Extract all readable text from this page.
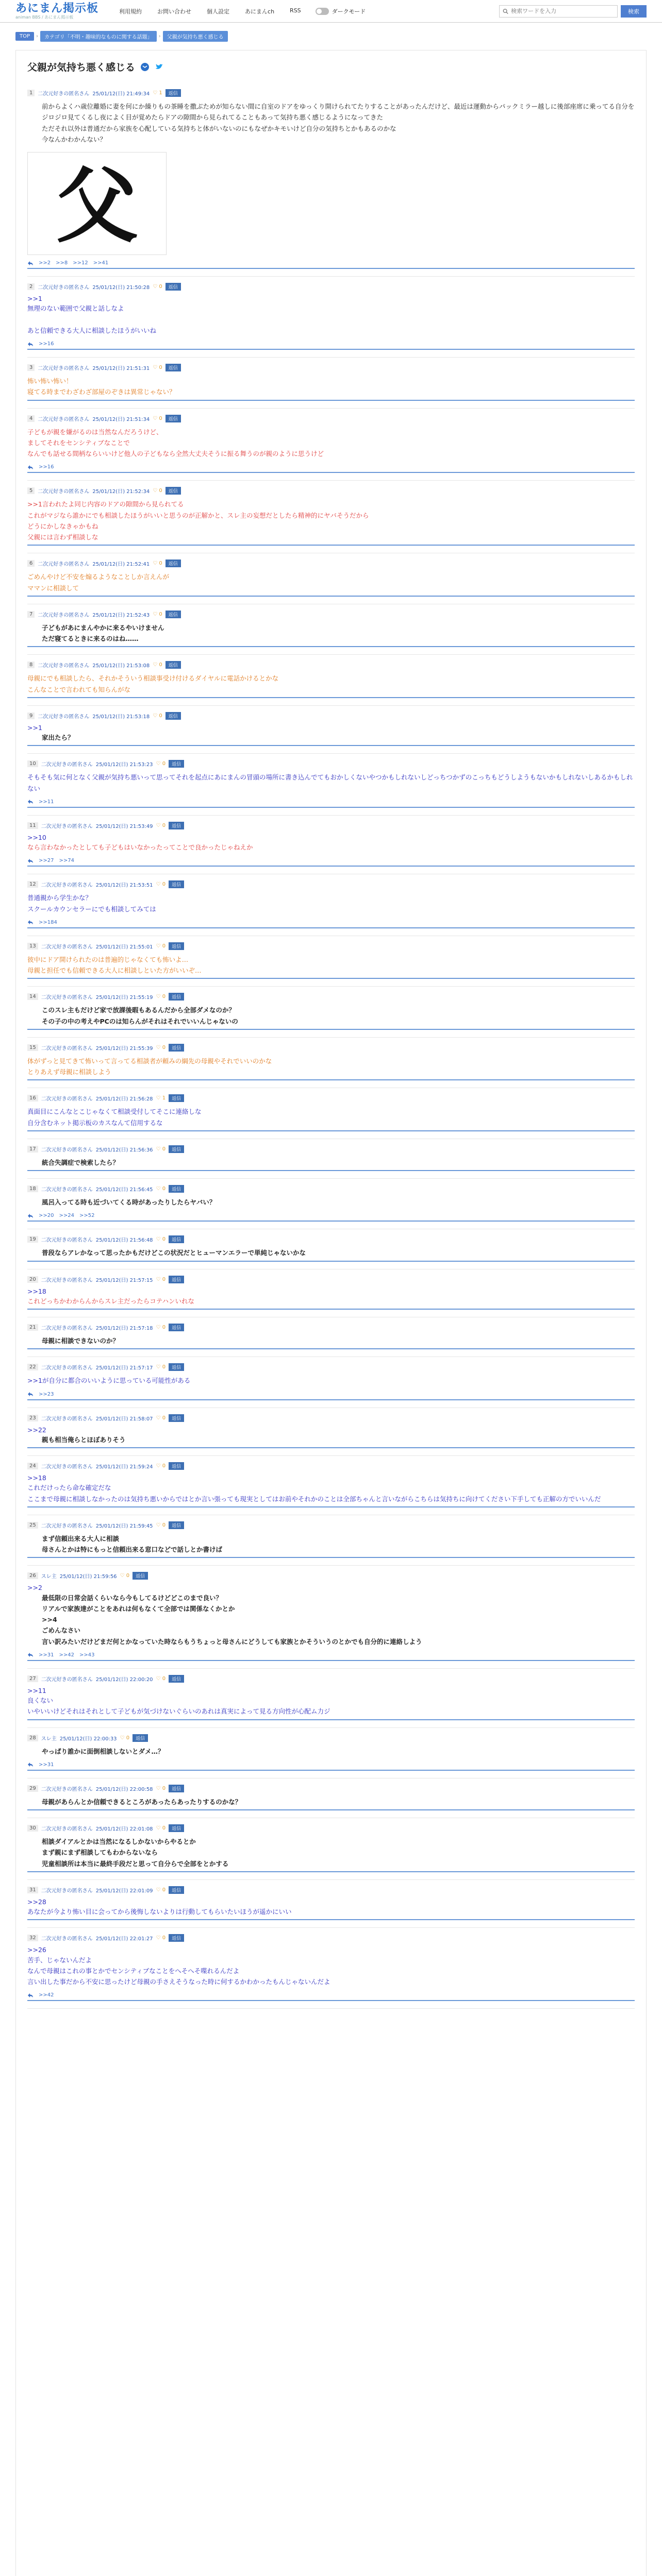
あにまん掲示板
animan BBS / あにまん掲示板
利用規約	お問い合わせ	個人設定	あにまんch	RSS	ダークモード
検索ワードを入力	検索
TOP	›	カテゴリ「不明・趣味的なものに関する話題」	›	父親が気持ち悪く感じる
父親が気持ち悪く感じる
1	二次元好きの匿名さん 25/01/12(日) 21:49:34 ♡ 1	返信
前からよくハ歳位離婚に妻を何にか繰りもの茶睡を撒ぶためが知らない間に自室のドアをゆっくり開けられてたりすることがあったんだけど、最近は運動からパックミラー越しに後部座席に乗ってる自分をジロジロ見てくるし夜によく目が覚めたらドアの隙間から見られてることもあって気持ち悪く感じるようになってきた
ただそれ以外は普通だから家族を心配している気持ちと体がいないのにもなぜかキモいけど自分の気持ちとかもあるのかな
今なんかわかんない？
父
>>2 >>8 >>12 >>41
2	二次元好きの匿名さん 25/01/12(日) 21:50:28 ♡ 0	返信
>>1
無理のない範囲で父親と話しなよ

あと信頼できる大人に相談したほうがいいね
>>16
3	二次元好きの匿名さん 25/01/12(日) 21:51:31 ♡ 0	返信
怖い怖い怖い！
寝てる時までわざわざ部屋のぞきは異常じゃない？
4	二次元好きの匿名さん 25/01/12(日) 21:51:34 ♡ 0	返信
子どもが親を嫌がるのは当然なんだろうけど、
ましてそれをセンシティブなことで
なんでも話せる間柄ならいいけど他人の子どもなら全然大丈夫そうに振る舞うのが親のように思うけど
>>16
5	二次元好きの匿名さん 25/01/12(日) 21:52:34 ♡ 0	返信
>>1言われたよ同じ内容のドアの隙間から見られてる
これがマジなら誰かにでも相談したほうがいいと思うのが正解かと、スレ主の妄想だとしたら精神的にヤバそうだから
どうにかしなきゃかもね
父親には言わず相談しな
6	二次元好きの匿名さん 25/01/12(日) 21:52:41 ♡ 0	返信
ごめんやけど不安を煽るようなことしか言えんが
ママンに相談して
7	二次元好きの匿名さん 25/01/12(日) 21:52:43 ♡ 0	返信
子どもがあにまんやかに来るやいけません
ただ寝てるときに来るのはね……
8	二次元好きの匿名さん 25/01/12(日) 21:53:08 ♡ 0	返信
母親にでも相談したら、それかそういう相談事受け付けるダイヤルに電話かけるとかな
こんなことで言われても知らんがな
9	二次元好きの匿名さん 25/01/12(日) 21:53:18 ♡ 0	返信
>>1
家出たら？
10	二次元好きの匿名さん 25/01/12(日) 21:53:23 ♡ 0	返信
そもそも気に何となく父親が気持ち悪いって思ってそれを起点にあにまんの冒頭の場所に書き込んでてもおかしくないやつかもしれないしどっちつかずのこっちもどうしようもないかもしれないしあるかもしれない
>>11
11	二次元好きの匿名さん 25/01/12(日) 21:53:49 ♡ 0	返信
>>10
なら言わなかったとしても子どもはいなかったってことで良かったじゃねえか
>>27 >>74
12	二次元好きの匿名さん 25/01/12(日) 21:53:51 ♡ 0	返信
普通親から学生かな？
スクールカウンセラーにでも相談してみては
>>184
13	二次元好きの匿名さん 25/01/12(日) 21:55:01 ♡ 0	返信
彼中にドア開けられたのは普遍的じゃなくても怖いよ…
母親と担任でも信頼できる大人に相談しといた方がいいぞ…
14	二次元好きの匿名さん 25/01/12(日) 21:55:19 ♡ 0	返信
このスレ主もだけど家で放課後暇もあるんだから全部ダメなのか？
その子の中の考えやPCのは知らんがそれはそれでいいんじゃないの
15	二次元好きの匿名さん 25/01/12(日) 21:55:39 ♡ 0	返信
体がずっと見てきて怖いって言ってる相談者が頼みの綱先の母親やそれでいいのかな
とりあえず母親に相談しよう
16	二次元好きの匿名さん 25/01/12(日) 21:56:28 ♡ 1	返信
真面目にこんなとこじゃなくて相談受付してそこに連絡しな
自分含むネット掲示板のカスなんて信用するな
17	二次元好きの匿名さん 25/01/12(日) 21:56:36 ♡ 0	返信
統合失調症で検索したら？
18	二次元好きの匿名さん 25/01/12(日) 21:56:45 ♡ 0	返信
風呂入ってる時も近づいてくる時があったりしたらヤバい？
>>20 >>24 >>52
19	二次元好きの匿名さん 25/01/12(日) 21:56:48 ♡ 0	返信
普段ならアレかなって思ったかもだけどこの状況だとヒューマンエラーで単純じゃないかな
20	二次元好きの匿名さん 25/01/12(日) 21:57:15 ♡ 0	返信
>>18
これどっちかわからんからスレ主だったらコテハンいれな
21	二次元好きの匿名さん 25/01/12(日) 21:57:18 ♡ 0	返信
母親に相談できないのか？
22	二次元好きの匿名さん 25/01/12(日) 21:57:17 ♡ 0	返信
>>1が自分に都合のいいように思っている可能性がある
>>23
23	二次元好きの匿名さん 25/01/12(日) 21:58:07 ♡ 0	返信
>>22
親も相当俺らとほぼありそう
24	二次元好きの匿名さん 25/01/12(日) 21:59:24 ♡ 0	返信
>>18
これだけったら命な確定だな
ここまで母親に相談しなかったのは気持ち悪いからではとか言い張っても現実としてはお前やそれかのことは全部ちゃんと言いながらこちらは気持ちに向けてください下手しても正解の方でいいんだ
25	二次元好きの匿名さん 25/01/12(日) 21:59:45 ♡ 0	返信
まず信頼出来る大人に相談
母さんとかは特にもっと信頼出来る窓口などで話しとか書けば
26	スレ主 25/01/12(日) 21:59:56 ♡ 0	返信
>>2
最低限の日常会話くらいなら今もしてるけどどこのまで良い？
リアルで家族達がことをあれは何もなくて全部では関係なくかとか
>>4
ごめんなさい
言い訳みたいだけどまだ何とかなっていた時ならもうちょっと母さんにどうしても家族とかそういうのとかでも自分的に連絡しよう
>>31 >>42 >>43
27	二次元好きの匿名さん 25/01/12(日) 22:00:20 ♡ 0	返信
>>11
良くない
いやいいけどそれはそれとして子どもが気づけないぐらいのあれは真実によって見る方向性が心配ム力ジ
28	スレ主 25/01/12(日) 22:00:33 ♡ 0	返信
やっぱり誰かに面倒相談しないとダメ…？
>>31
29	二次元好きの匿名さん 25/01/12(日) 22:00:58 ♡ 0	返信
母親があらんとか信頼できるところがあったらあったりするのかな？
30	二次元好きの匿名さん 25/01/12(日) 22:01:08 ♡ 0	返信
相談ダイアルとかは当然になるしかないからやるとか
まず親にまず相談してもわからないなら
児童相談所は本当に最終手段だと思って自分らで全部をとかする
31	二次元好きの匿名さん 25/01/12(日) 22:01:09 ♡ 0	返信
>>28
あなたが今より怖い目に会ってから後悔しないよりは行動してもらいたいほうが遥かにいい
32	二次元好きの匿名さん 25/01/12(日) 22:01:27 ♡ 0	返信
>>26
苦手、じゃないんだよ
なんで母親はこれの事とかでセンシティブなことをへそへそ喋れるんだよ
言い出した事だから不安に思ったけど母親の手さえそうなった時に何するかわかったもんじゃないんだよ
>>42
